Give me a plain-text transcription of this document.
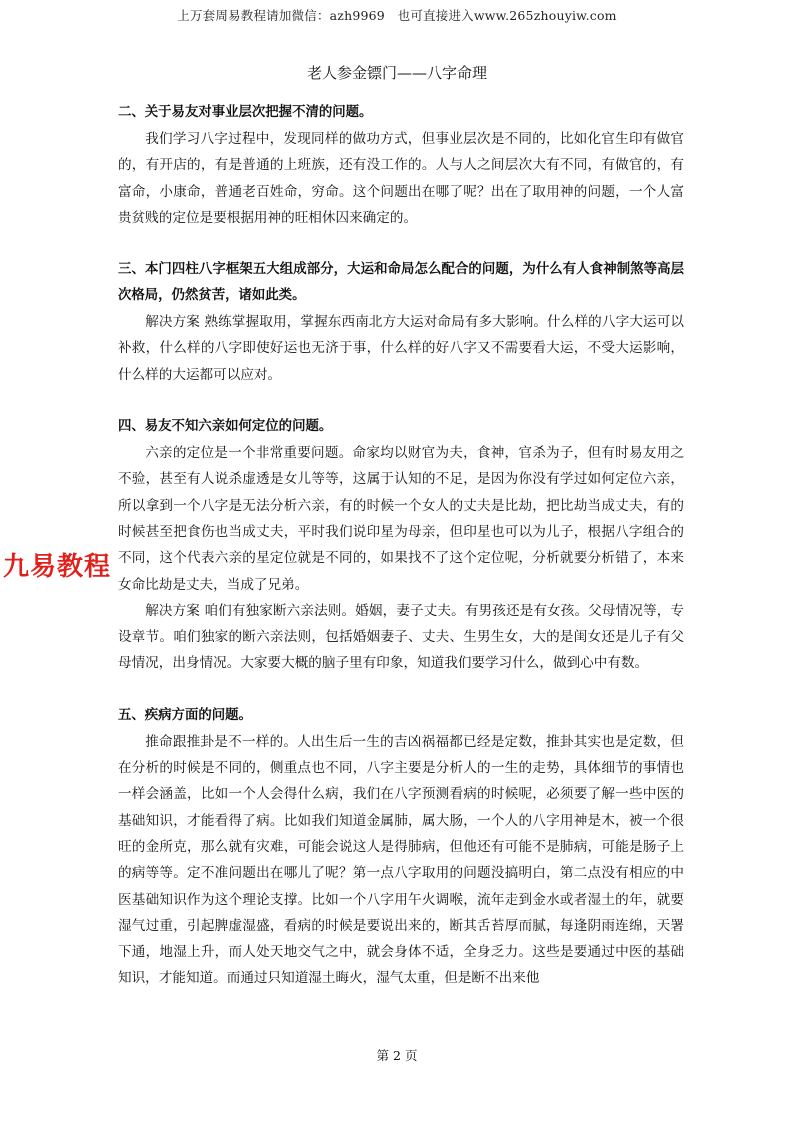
上万套周易教程请加微信：azh9969　也可直接进入www.265zhouyiw.com
老人参金镖门——八字命理
九易教程

二、关于易友对事业层次把握不清的问题。

我们学习八字过程中，发现同样的做功方式，但事业层次是不同的，比如化官生印有做官的，有开店的，有是普通的上班族，还有没工作的。人与人之间层次大有不同，有做官的，有富命，小康命，普通老百姓命，穷命。这个问题出在哪了呢？出在了取用神的问题，一个人富贵贫贱的定位是要根据用神的旺相休囚来确定的。

三、本门四柱八字框架五大组成部分，大运和命局怎么配合的问题，为什么有人食神制煞等高层次格局，仍然贫苦，诸如此类。

解决方案 熟练掌握取用，掌握东西南北方大运对命局有多大影响。什么样的八字大运可以补救，什么样的八字即使好运也无济于事，什么样的好八字又不需要看大运，不受大运影响，什么样的大运都可以应对。

四、易友不知六亲如何定位的问题。

六亲的定位是一个非常重要问题。命家均以财官为夫，食神，官杀为子，但有时易友用之不验，甚至有人说杀虚透是女儿等等，这属于认知的不足，是因为你没有学过如何定位六亲，所以拿到一个八字是无法分析六亲，有的时候一个女人的丈夫是比劫，把比劫当成丈夫，有的时候甚至把食伤也当成丈夫，平时我们说印星为母亲，但印星也可以为儿子，根据八字组合的不同，这个代表六亲的星定位就是不同的，如果找不了这个定位呢，分析就要分析错了，本来女命比劫是丈夫，当成了兄弟。

解决方案 咱们有独家断六亲法则。婚姻，妻子丈夫。有男孩还是有女孩。父母情况等，专设章节。咱们独家的断六亲法则，包括婚姻妻子、丈夫、生男生女，大的是闺女还是儿子有父母情况，出身情况。大家要大概的脑子里有印象，知道我们要学习什么，做到心中有数。

五、疾病方面的问题。

推命跟推卦是不一样的。人出生后一生的吉凶祸福都已经是定数，推卦其实也是定数，但在分析的时候是不同的，侧重点也不同，八字主要是分析人的一生的走势，具体细节的事情也一样会涵盖，比如一个人会得什么病，我们在八字预测看病的时候呢，必须要了解一些中医的基础知识，才能看得了病。比如我们知道金属肺，属大肠，一个人的八字用神是木，被一个很旺的金所克，那么就有灾难，可能会说这人是得肺病，但他还有可能不是肺病，可能是肠子上的病等等。定不准问题出在哪儿了呢？第一点八字取用的问题没搞明白，第二点没有相应的中医基础知识作为这个理论支撑。比如一个八字用午火调喉，流年走到金水或者湿土的年，就要湿气过重，引起脾虚湿盛，看病的时候是要说出来的，断其舌苔厚而腻，每逢阴雨连绵，天署下通，地湿上升，而人处天地交气之中，就会身体不适，全身乏力。这些是要通过中医的基础知识，才能知道。而通过只知道湿土晦火，湿气太重，但是断不出来他

第 2 页
